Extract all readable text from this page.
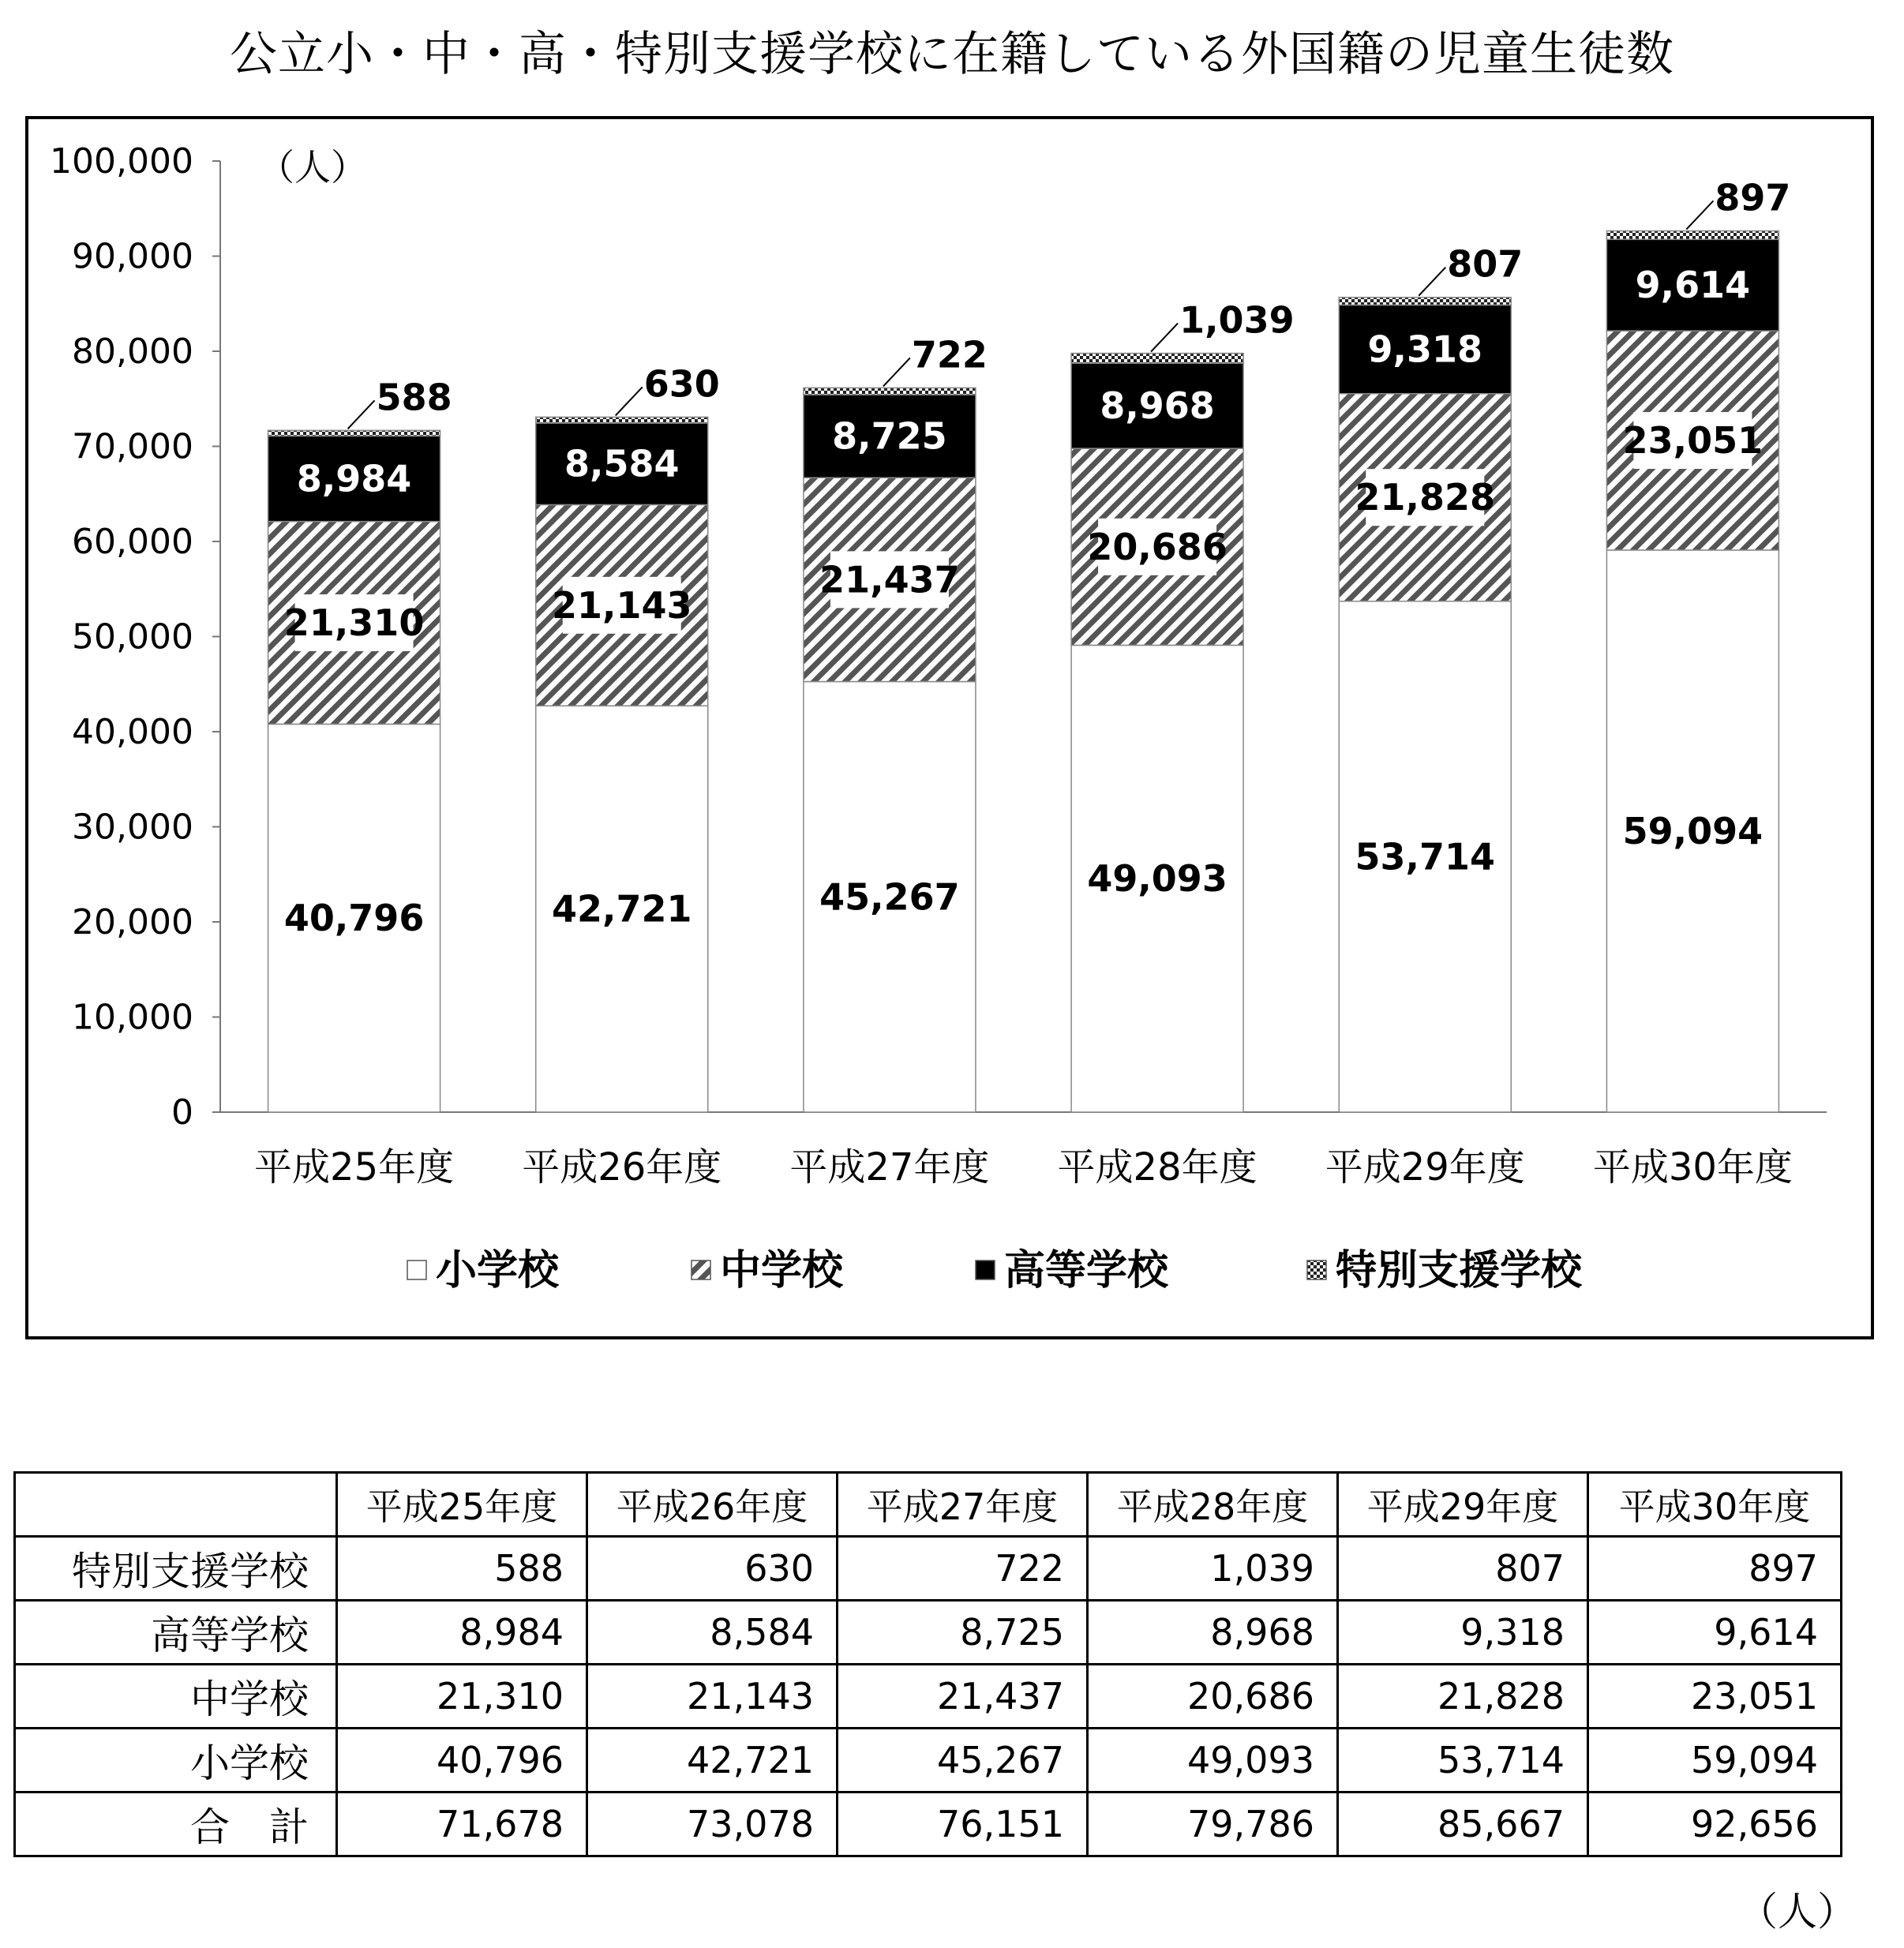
公立小・中・高・特別支援学校に在籍している外国籍の児童生徒数
0
10,000
20,000
30,000
40,000
50,000
60,000
70,000
80,000
90,000
100,000 （人）
平成25年度 平成26年度 平成27年度 平成28年度 平成29年度 平成30年度
40,796
21,310
8,984
588
42,721
21,143
8,584
630
45,267
21,437
8,725
722
49,093
20,686
8,968
1,039
53,714
21,828
9,318
807
59,094
23,051
9,614
897
小学校	中学校	高等学校	特別支援学校
	平成25年度	平成26年度	平成27年度	平成28年度	平成29年度	平成30年度
特別支援学校	588	630	722	1,039	807	897
高等学校	8,984	8,584	8,725	8,968	9,318	9,614
中学校	21,310	21,143	21,437	20,686	21,828	23,051
小学校	40,796	42,721	45,267	49,093	53,714	59,094
合　計	71,678	73,078	76,151	79,786	85,667	92,656
（人）
